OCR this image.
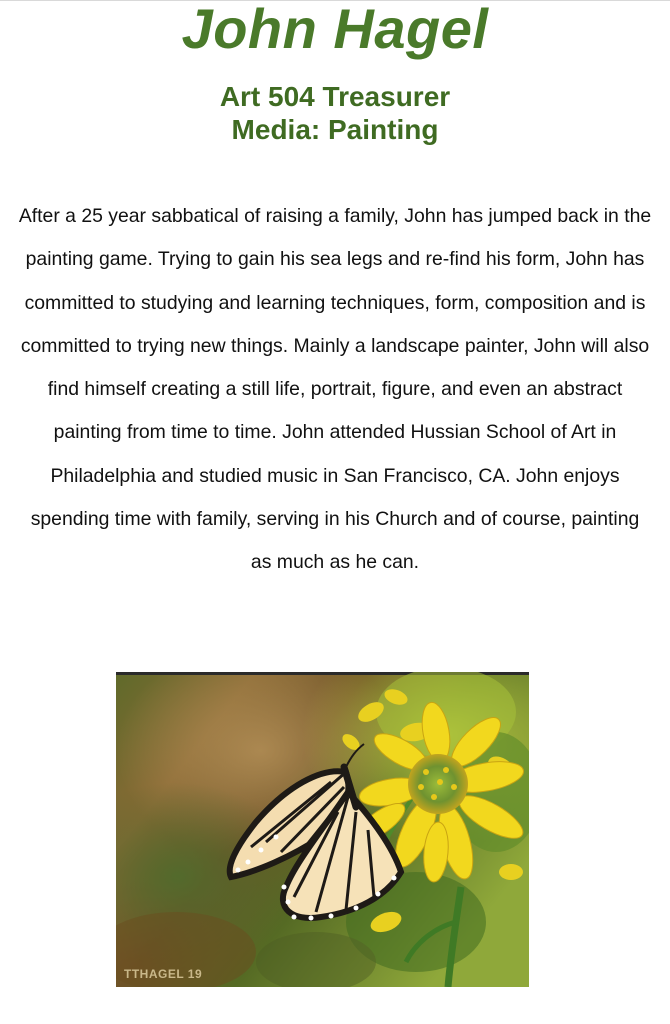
John Hagel
Art 504 Treasurer
Media: Painting
After a 25 year sabbatical of raising a family, John has jumped back in the painting game. Trying to gain his sea legs and re-find his form, John has committed to studying and learning techniques, form, composition and is committed to trying new things. Mainly a landscape painter, John will also find himself creating a still life, portrait, figure, and even an abstract painting from time to time. John attended Hussian School of Art in Philadelphia and studied music in San Francisco, CA. John enjoys spending time with family, serving in his Church and of course, painting as much as he can.
TTHAGEL 19
